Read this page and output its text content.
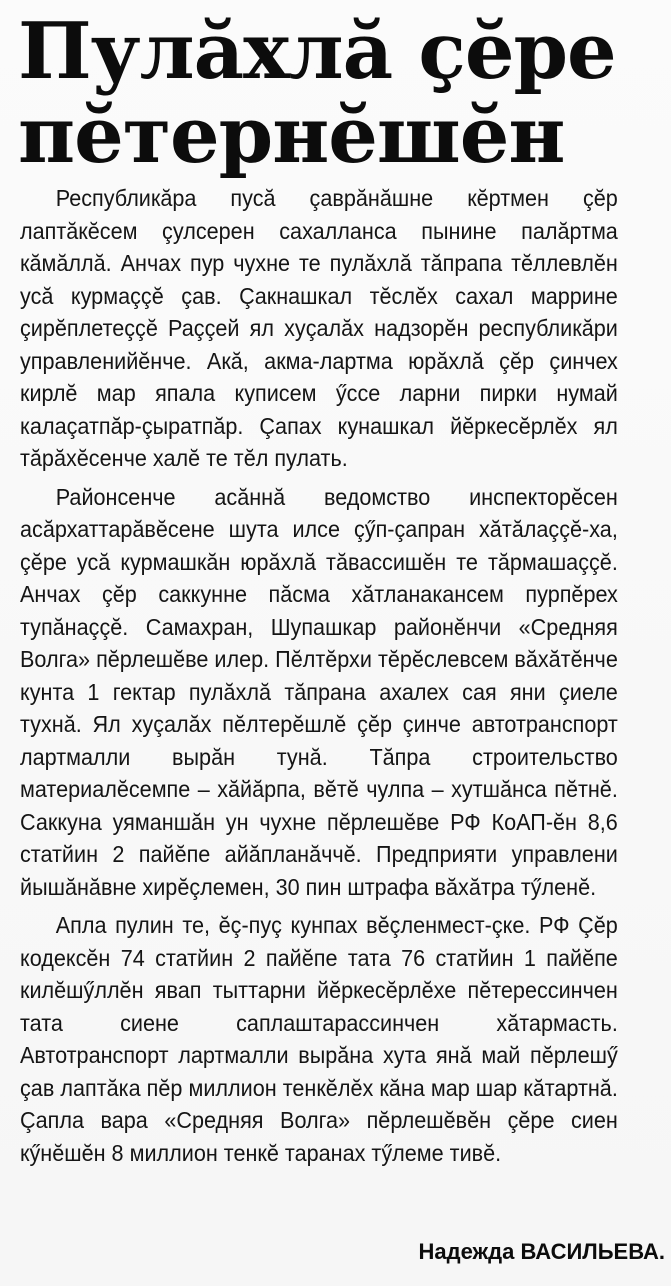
Пулăхлă çĕре
пĕтернĕшĕн

Республикăра пусă çаврăнăшне кĕртмен çĕр лаптăкĕсем çулсерен сахалланса пынине палăртма кăмăллă. Анчах пур чухне те пулăхлă тăпрапа тĕллевлĕн усă курмаççĕ çав. Çакнашкал тĕслĕх сахал маррине çирĕплетеççĕ Раççей ял хуçалăх надзорĕн республикăри управленийĕнче. Акă, акма-лартма юрăхлă çĕр çинчех кирлĕ мар япала куписем ӳссе ларни пирки нумай калаçатпăр-çыратпăр. Çапах кунашкал йĕркесĕрлĕх ял тăрăхĕсенче халĕ те тĕл пулать.

Районсенче асăннă ведомство инспекторĕсен асăрхаттарăвĕсене шута илсе çӳп-çапран хăтăлаççĕ-ха, çĕре усă курмашкăн юрăхлă тăвассишĕн те тăрмашаççĕ. Анчах çĕр саккунне пăсма хăтланакансем пурпĕрех тупăнаççĕ. Самахран, Шупашкар районĕнчи «Средняя Волга» пĕрлешĕве илер. Пĕлтĕрхи тĕрĕслевсем вăхăтĕнче кунта 1 гектар пулăхлă тăпрана ахалех сая яни çиеле тухнă. Ял хуçалăх пĕлтерĕшлĕ çĕр çинче автотранспорт лартмалли вырăн тунă. Тăпра строительство материалĕсемпе – хăйăрпа, вĕтĕ чулпа – хутшăнса пĕтнĕ. Саккуна уяманшăн ун чухне пĕрлешĕве РФ КоАП-ĕн 8,6 статйин 2 пайĕпе айăпланăччĕ. Предприяти управлени йышăнăвне хирĕçлемен, 30 пин штрафа вăхăтра тӳленĕ.

Апла пулин те, ĕç-пуç кунпах вĕçленмест-çке. РФ Çĕр кодексĕн 74 статйин 2 пайĕпе тата 76 статйин 1 пайĕпе килĕшӳллĕн явап тыттарни йĕркесĕрлĕхе пĕтерессинчен тата сиене саплаштарассинчен хăтармасть. Автотранспорт лартмалли вырăна хута янă май пĕрлешӳ çав лаптăка пĕр миллион тенкĕлĕх кăна мар шар кăтартнă. Çапла вара «Средняя Волга» пĕрлешĕвĕн çĕре сиен кӳнĕшĕн 8 миллион тенкĕ таранах тӳлеме тивĕ.

Надежда ВАСИЛЬЕВА.
